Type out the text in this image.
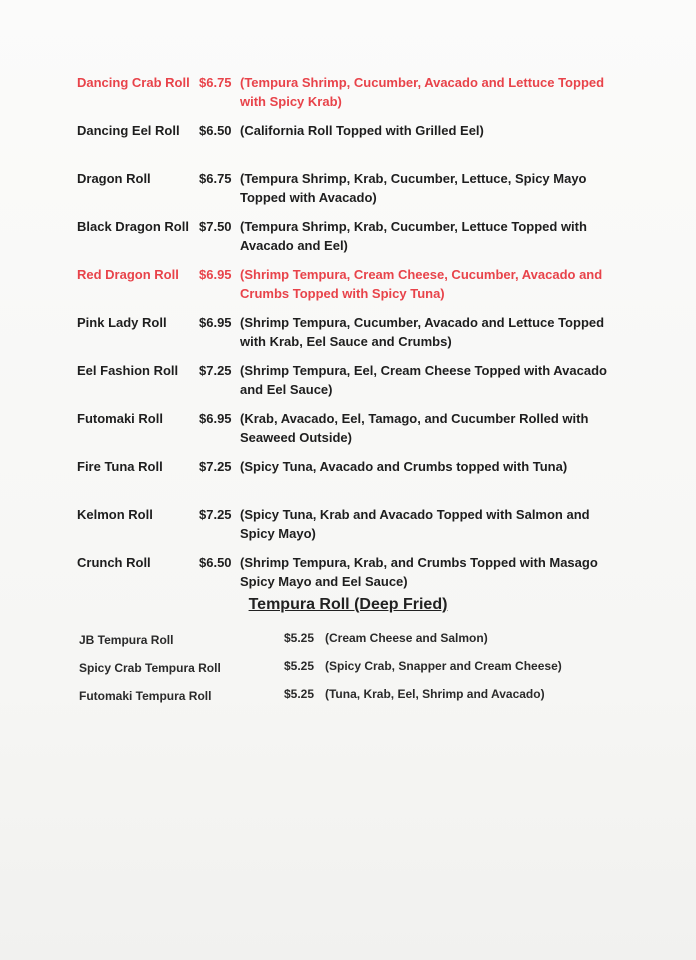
Dancing Crab Roll $6.75 (Tempura Shrimp, Cucumber, Avacado and Lettuce Topped with Spicy Krab)
Dancing Eel Roll $6.50 (California Roll Topped with Grilled Eel)
Dragon Roll	$6.75 (Tempura Shrimp, Krab, Cucumber, Lettuce, Spicy Mayo Topped with Avacado)
Black Dragon Roll $7.50 (Tempura Shrimp, Krab, Cucumber, Lettuce Topped with Avacado and Eel)
Red Dragon Roll $6.95 (Shrimp Tempura, Cream Cheese, Cucumber, Avacado and Crumbs Topped with Spicy Tuna)
Pink Lady Roll $6.95 (Shrimp Tempura, Cucumber, Avacado and Lettuce Topped with Krab, Eel Sauce and Crumbs)
Eel Fashion Roll $7.25 (Shrimp Tempura, Eel, Cream Cheese Topped with Avacado and Eel Sauce)
Futomaki Roll	$6.95 (Krab, Avacado, Eel, Tamago, and Cucumber Rolled with Seaweed Outside)
Fire Tuna Roll	$7.25 (Spicy Tuna, Avacado and Crumbs topped with Tuna)
Kelmon Roll	$7.25 (Spicy Tuna, Krab and Avacado Topped with Salmon and Spicy Mayo)
Crunch Roll	$6.50 (Shrimp Tempura, Krab, and Crumbs Topped with Masago Spicy Mayo and Eel Sauce)
Tempura Roll (Deep Fried)
JB Tempura Roll	$5.25 (Cream Cheese and Salmon)
Spicy Crab Tempura Roll	$5.25 (Spicy Crab, Snapper and Cream Cheese)
Futomaki Tempura Roll	$5.25 (Tuna, Krab, Eel, Shrimp and Avacado)
